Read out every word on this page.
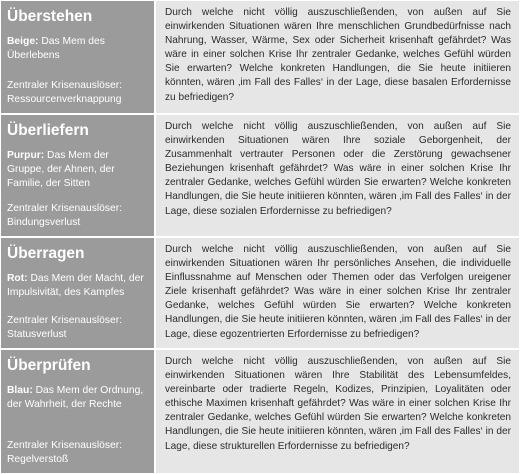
Überstehen
Beige: Das Mem des Überlebens
Zentraler Krisenauslöser:
Ressourcenverknappung

Durch welche nicht völlig auszuschließenden, von außen auf Sie einwirkenden Situationen wären Ihre menschlichen Grundbedürfnisse nach Nahrung, Wasser, Wärme, Sex oder Sicherheit krisenhaft gefährdet? Was wäre in einer solchen Krise Ihr zentraler Gedanke, welches Gefühl würden Sie erwarten? Welche konkreten Handlungen, die Sie heute initiieren könnten, wären ‚im Fall des Falles‘ in der Lage, diese basalen Erfordernisse zu befriedigen?

Überliefern
Purpur: Das Mem der Gruppe, der Ahnen, der Familie, der Sitten
Zentraler Krisenauslöser:
Bindungsverlust

Durch welche nicht völlig auszuschließenden, von außen auf Sie einwirkenden Situationen wären Ihre soziale Geborgenheit, der Zusammenhalt vertrauter Personen oder die Zerstörung gewachsener Beziehungen krisenhaft gefährdet? Was wäre in einer solchen Krise Ihr zentraler Gedanke, welches Gefühl würden Sie erwarten? Welche konkreten Handlungen, die Sie heute initiieren könnten, wären ‚im Fall des Falles‘ in der Lage, diese sozialen Erfordernisse zu befriedigen?

Überragen
Rot: Das Mem der Macht, der Impulsivität, des Kampfes
Zentraler Krisenauslöser:
Statusverlust

Durch welche nicht völlig auszuschließenden, von außen auf Sie einwirkenden Situationen wären Ihr persönliches Ansehen, die individuelle Einflussnahme auf Menschen oder Themen oder das Verfolgen ureigener Ziele krisenhaft gefährdet? Was wäre in einer solchen Krise Ihr zentraler Gedanke, welches Gefühl würden Sie erwarten? Welche konkreten Handlungen, die Sie heute initiieren könnten, wären ‚im Fall des Falles‘ in der Lage, diese egozentrierten Erfordernisse zu befriedigen?

Überprüfen
Blau: Das Mem der Ordnung, der Wahrheit, der Rechte
Zentraler Krisenauslöser:
Regelverstoß

Durch welche nicht völlig auszuschließenden, von außen auf Sie einwirkenden Situationen wären Ihre Stabilität des Lebensumfeldes, vereinbarte oder tradierte Regeln, Kodizes, Prinzipien, Loyalitäten oder ethische Maximen krisenhaft gefährdet? Was wäre in einer solchen Krise Ihr zentraler Gedanke, welches Gefühl würden Sie erwarten? Welche konkreten Handlungen, die Sie heute initiieren könnten, wären ‚im Fall des Falles‘ in der Lage, diese strukturellen Erfordernisse zu befriedigen?
